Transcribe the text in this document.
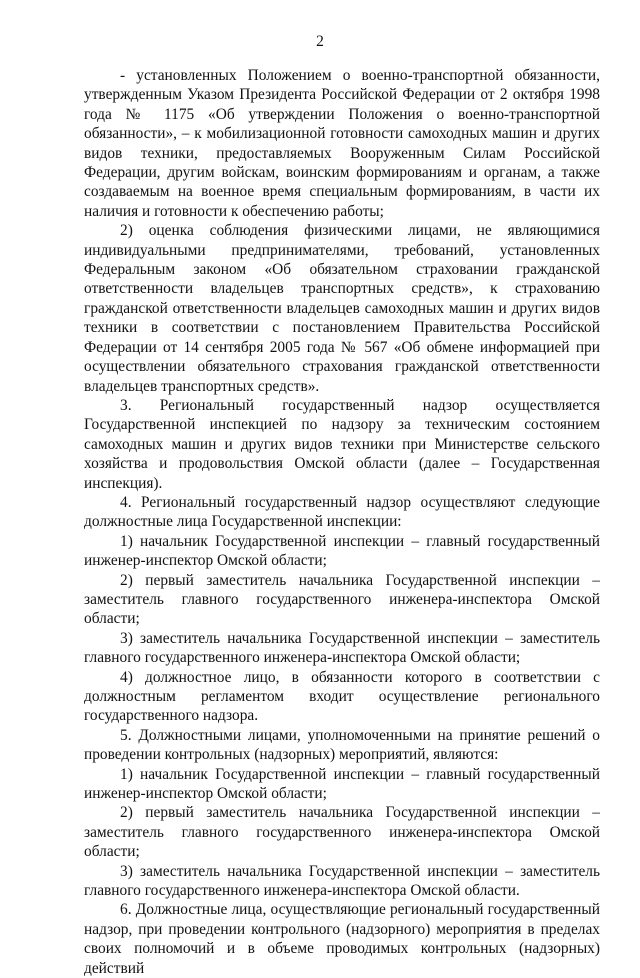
2

- установленных Положением о военно-транспортной обязанности, утвержденным Указом Президента Российской Федерации от 2 октября 1998 года № 1175 «Об утверждении Положения о военно-транспортной обязанности», – к мобилизационной готовности самоходных машин и других видов техники, предоставляемых Вооруженным Силам Российской Федерации, другим войскам, воинским формированиям и органам, а также создаваемым на военное время специальным формированиям, в части их наличия и готовности к обеспечению работы;

2) оценка соблюдения физическими лицами, не являющимися индивидуальными предпринимателями, требований, установленных Федеральным законом «Об обязательном страховании гражданской ответственности владельцев транспортных средств», к страхованию гражданской ответственности владельцев самоходных машин и других видов техники в соответствии с постановлением Правительства Российской Федерации от 14 сентября 2005 года № 567 «Об обмене информацией при осуществлении обязательного страхования гражданской ответственности владельцев транспортных средств».

3. Региональный государственный надзор осуществляется Государственной инспекцией по надзору за техническим состоянием самоходных машин и других видов техники при Министерстве сельского хозяйства и продовольствия Омской области (далее – Государственная инспекция).

4. Региональный государственный надзор осуществляют следующие должностные лица Государственной инспекции:

1) начальник Государственной инспекции – главный государственный инженер-инспектор Омской области;

2) первый заместитель начальника Государственной инспекции – заместитель главного государственного инженера-инспектора Омской области;

3) заместитель начальника Государственной инспекции – заместитель главного государственного инженера-инспектора Омской области;

4) должностное лицо, в обязанности которого в соответствии с должностным регламентом входит осуществление регионального государственного надзора.

5. Должностными лицами, уполномоченными на принятие решений о проведении контрольных (надзорных) мероприятий, являются:

1) начальник Государственной инспекции – главный государственный инженер-инспектор Омской области;

2) первый заместитель начальника Государственной инспекции – заместитель главного государственного инженера-инспектора Омской области;

3) заместитель начальника Государственной инспекции – заместитель главного государственного инженера-инспектора Омской области.

6. Должностные лица, осуществляющие региональный государственный надзор, при проведении контрольного (надзорного) мероприятия в пределах своих полномочий и в объеме проводимых контрольных (надзорных) действий
